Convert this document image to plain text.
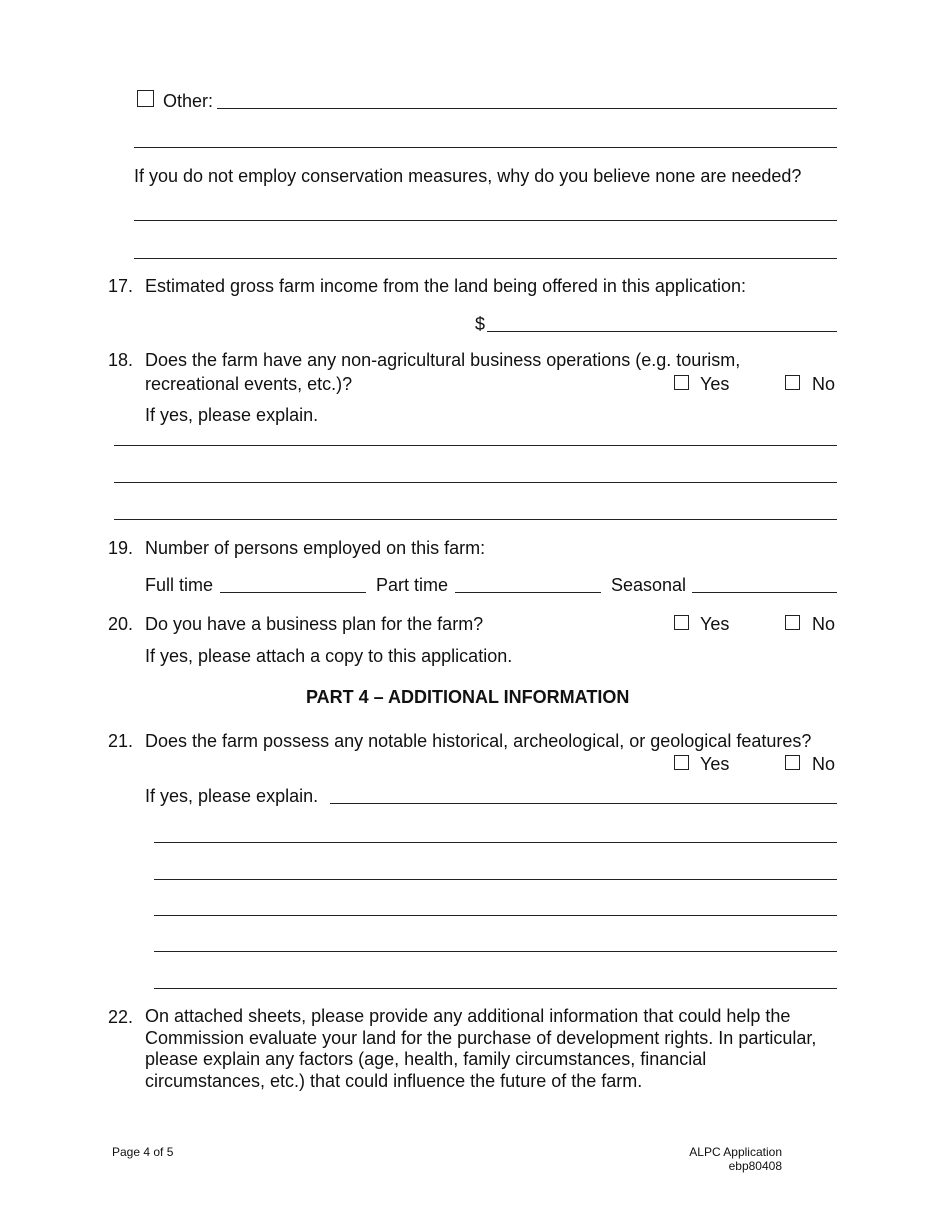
Other:
If you do not employ conservation measures, why do you believe none are needed?
17. Estimated gross farm income from the land being offered in this application:
$
18. Does the farm have any non-agricultural business operations (e.g. tourism,
recreational events, etc.)?	Yes	No
If yes, please explain.
19. Number of persons employed on this farm:
Full time	Part time	Seasonal
20. Do you have a business plan for the farm?	Yes	No
If yes, please attach a copy to this application.
PART 4 – ADDITIONAL INFORMATION
21. Does the farm possess any notable historical, archeological, or geological features?
Yes	No
If yes, please explain.
22. On attached sheets, please provide any additional information that could help the Commission evaluate your land for the purchase of development rights. In particular, please explain any factors (age, health, family circumstances, financial circumstances, etc.) that could influence the future of the farm.
Page 4 of 5	ALPC Application
ebp80408
